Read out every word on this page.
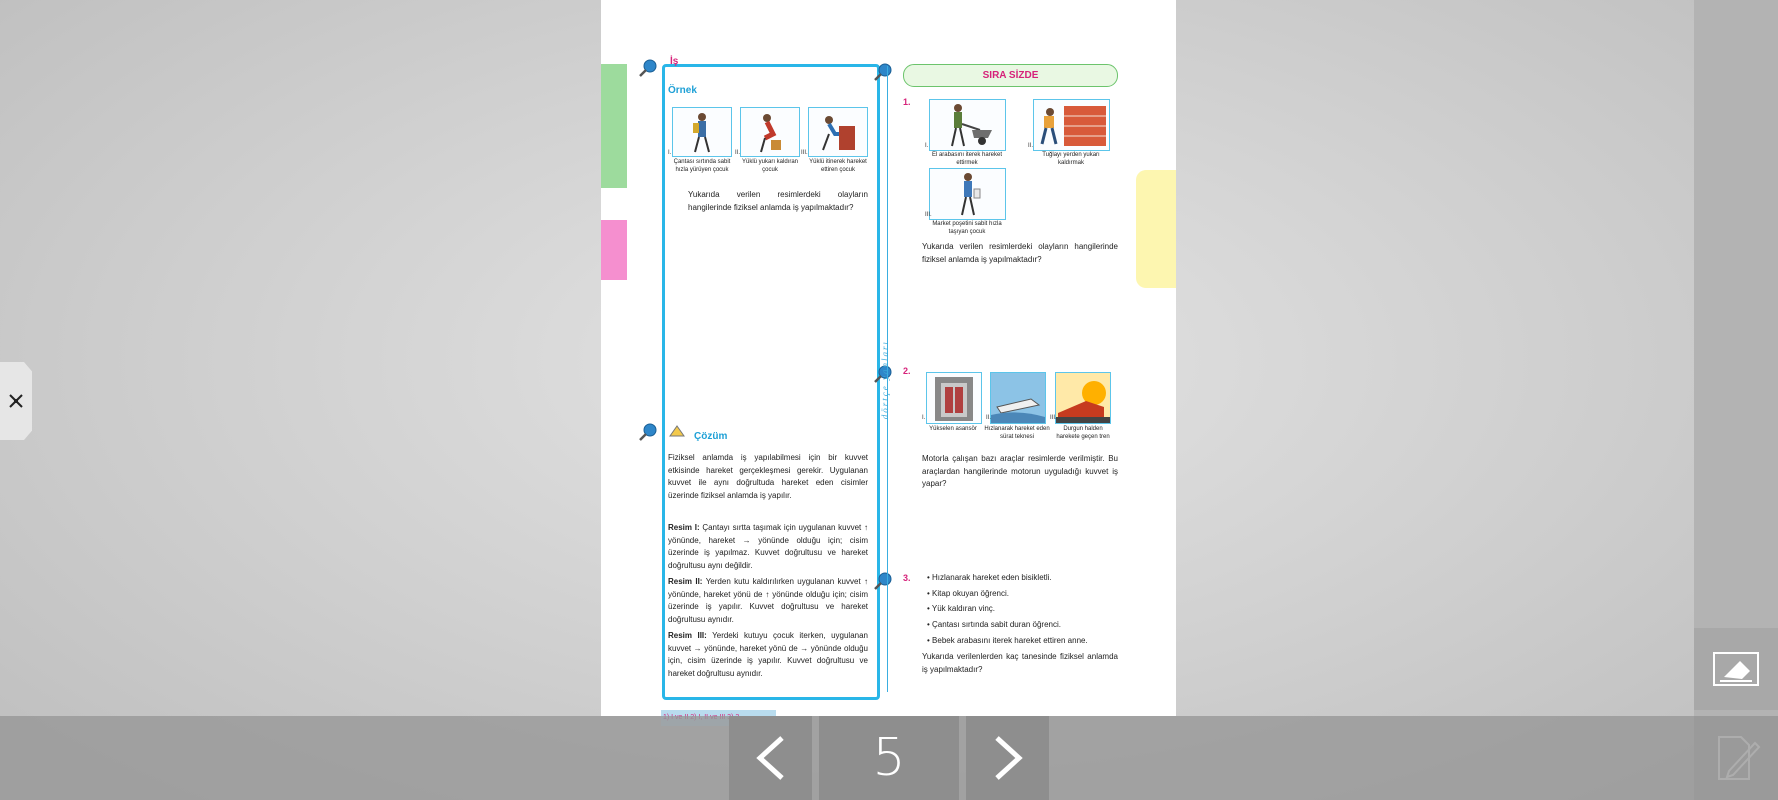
İş
Örnek
I.	II.	III.
Çantası sırtında sabit hızla yürüyen çocuk
Yüklü yukarı kaldıran çocuk
Yüklü itinerek hareket ettiren çocuk
Yukarıda verilen resimlerdeki olayların hangilerinde fiziksel anlamda iş yapılmaktadır?
Çözüm
Fiziksel anlamda iş yapılabilmesi için bir kuvvet etkisinde hareket gerçekleşmesi gerekir. Uygulanan kuvvet ile aynı doğrultuda hareket eden cisimler üzerinde fiziksel anlamda iş yapılır.
Resim I: Çantayı sırtta taşımak için uygulanan kuvvet ↑ yönünde, hareket → yönünde olduğu için; cisim üzerinde iş yapılmaz. Kuvvet doğrultusu ve hareket doğrultusu aynı değildir.
Resim II: Yerden kutu kaldırılırken uygulanan kuvvet ↑ yönünde, hareket yönü de ↑ yönünde olduğu için; cisim üzerinde iş yapılır. Kuvvet doğrultusu ve hareket doğrultusu aynıdır.
Resim III: Yerdeki kutuyu çocuk iterken, uygulanan kuvvet → yönünde, hareket yönü de → yönünde olduğu için, cisim üzerinde iş yapılır. Kuvvet doğrultusu ve hareket doğrultusu aynıdır.
dörtçe yanları
SIRA SİZDE
1.
I.	II.
El arabasını iterek hareket ettirmek
Tuğlayı yerden yukarı kaldırmak
III.
Market poşetini sabit hızla taşıyan çocuk
Yukarıda verilen resimlerdeki olayların hangilerinde fiziksel anlamda iş yapılmaktadır?
2.
I.	II.	III.
Yükselen asansör	Hızlanarak hareket eden sürat teknesi
Durgun halden harekete geçen tren
Motorla çalışan bazı araçlar resimlerde verilmiştir. Bu araçlardan hangilerinde motorun uyguladığı kuvvet iş yapar?
3. • Hızlanarak hareket eden bisikletli.
• Kitap okuyan öğrenci.
• Yük kaldıran vinç.
• Çantası sırtında sabit duran öğrenci.
• Bebek arabasını iterek hareket ettiren anne.
Yukarıda verilenlerden kaç tanesinde fiziksel anlamda iş yapılmaktadır?
5
